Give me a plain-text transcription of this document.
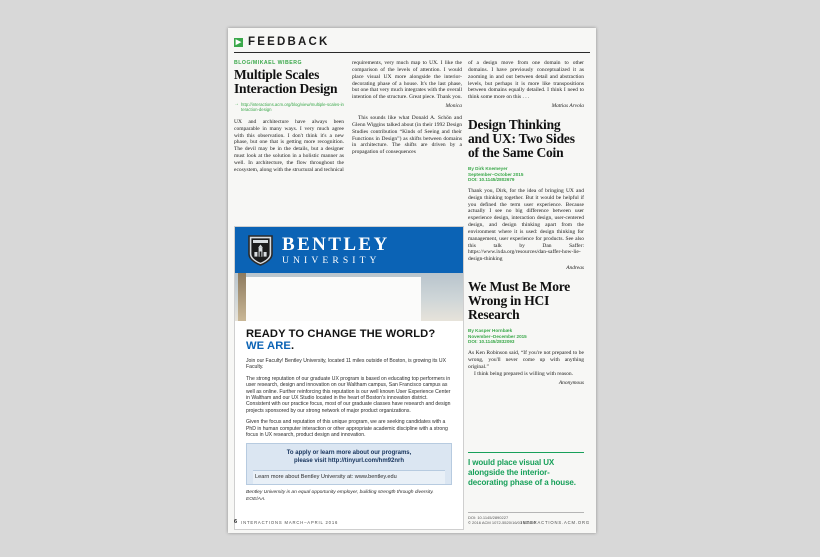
▶ FEEDBACK

BLOG/MIKAEL WIBERG

Multiple Scales Interaction Design
→ http://interactions.acm.org/blog/view/multiple-scales-interaction-design

UX and architecture have always been comparable in many ways. I very much agree with this observation. I don't think it's a new phase, but one that is getting more recognition. The devil may be in the details, but a designer must look at the solution in a holistic manner as well. In architecture, the flow throughout the ecosystem, along with the structural and technical

requirements, very much map to UX. I like the comparison of the levels of attention. I would place visual UX more alongside the interior-decorating phase of a house. It's the last phase, but one that very much integrates with the overall intention of the structure. Great piece. Thank you.

Monica

This sounds like what Donald A. Schön and Glenn Wiggins talked about (in their 1992 Design Studies contribution “Kinds of Seeing and their Functions in Design”) as shifts between domains in architecture. The shifts are driven by a propagation of consequences

of a design move from one domain to other domains. I have previously conceptualized it as zooming in and out between detail and abstraction levels, but perhaps it is more like transpositions between domains equally detailed. I think I need to think some more on this . . .

Mattias Arvola

Design Thinking and UX: Two Sides of the Same Coin

By Dirk Knemeyer
September–October 2015
DOI: 10.1145/2802679

Thank you, Dirk, for the idea of bringing UX and design thinking together. But it would be helpful if you defined the term user experience. Because actually I see no big difference between user experience design, interaction design, user-centered design, and design thinking apart from the environment where it is used: design thinking for management, user experience for products. See also this talk by Dan Saffer: https://www.ixda.org/resources/dan-saffer-how-lie-design-thinking

Andreas

We Must Be More Wrong in HCI Research

By Kasper Hornbæk
November–December 2015
DOI: 10.1145/2832093

As Ken Robinson said, “If you're not prepared to be wrong, you'll never come up with anything original.”

I think being prepared is willing with reason.

Anonymous

I would place visual UX alongside the interior-decorating phase of a house.

DOI: 10.1145/2890227

© 2016 ACM 1072-5520/16/03 $15.00

BENTLEY
UNIVERSITY

READY TO CHANGE THE WORLD?

WE ARE.

Join our Faculty! Bentley University, located 11 miles outside of Boston, is growing its UX Faculty.

The strong reputation of our graduate UX program is based on educating top performers in user research, design and innovation on our Waltham campus, San Francisco campus as well as online. Further reinforcing this reputation is our well known User Experience Center in Waltham and our UX Studio located in the heart of Boston's innovation district. Consistent with our practice focus, most of our graduate classes have research and design projects sponsored by our strong network of major product organizations.

Given the focus and reputation of this unique program, we are seeking candidates with a PhD in human computer interaction or other appropriate academic discipline with a strong focus in UX research, product design and innovation.

To apply or learn more about our programs,
please visit http://tinyurl.com/hm92nrh
Learn more about Bentley University at: www.bentley.edu

Bentley University is an equal opportunity employer, building strength through diversity. EOE/AA.

6 INTERACTIONS MARCH–APRIL 2016	INTERACTIONS.ACM.ORG
